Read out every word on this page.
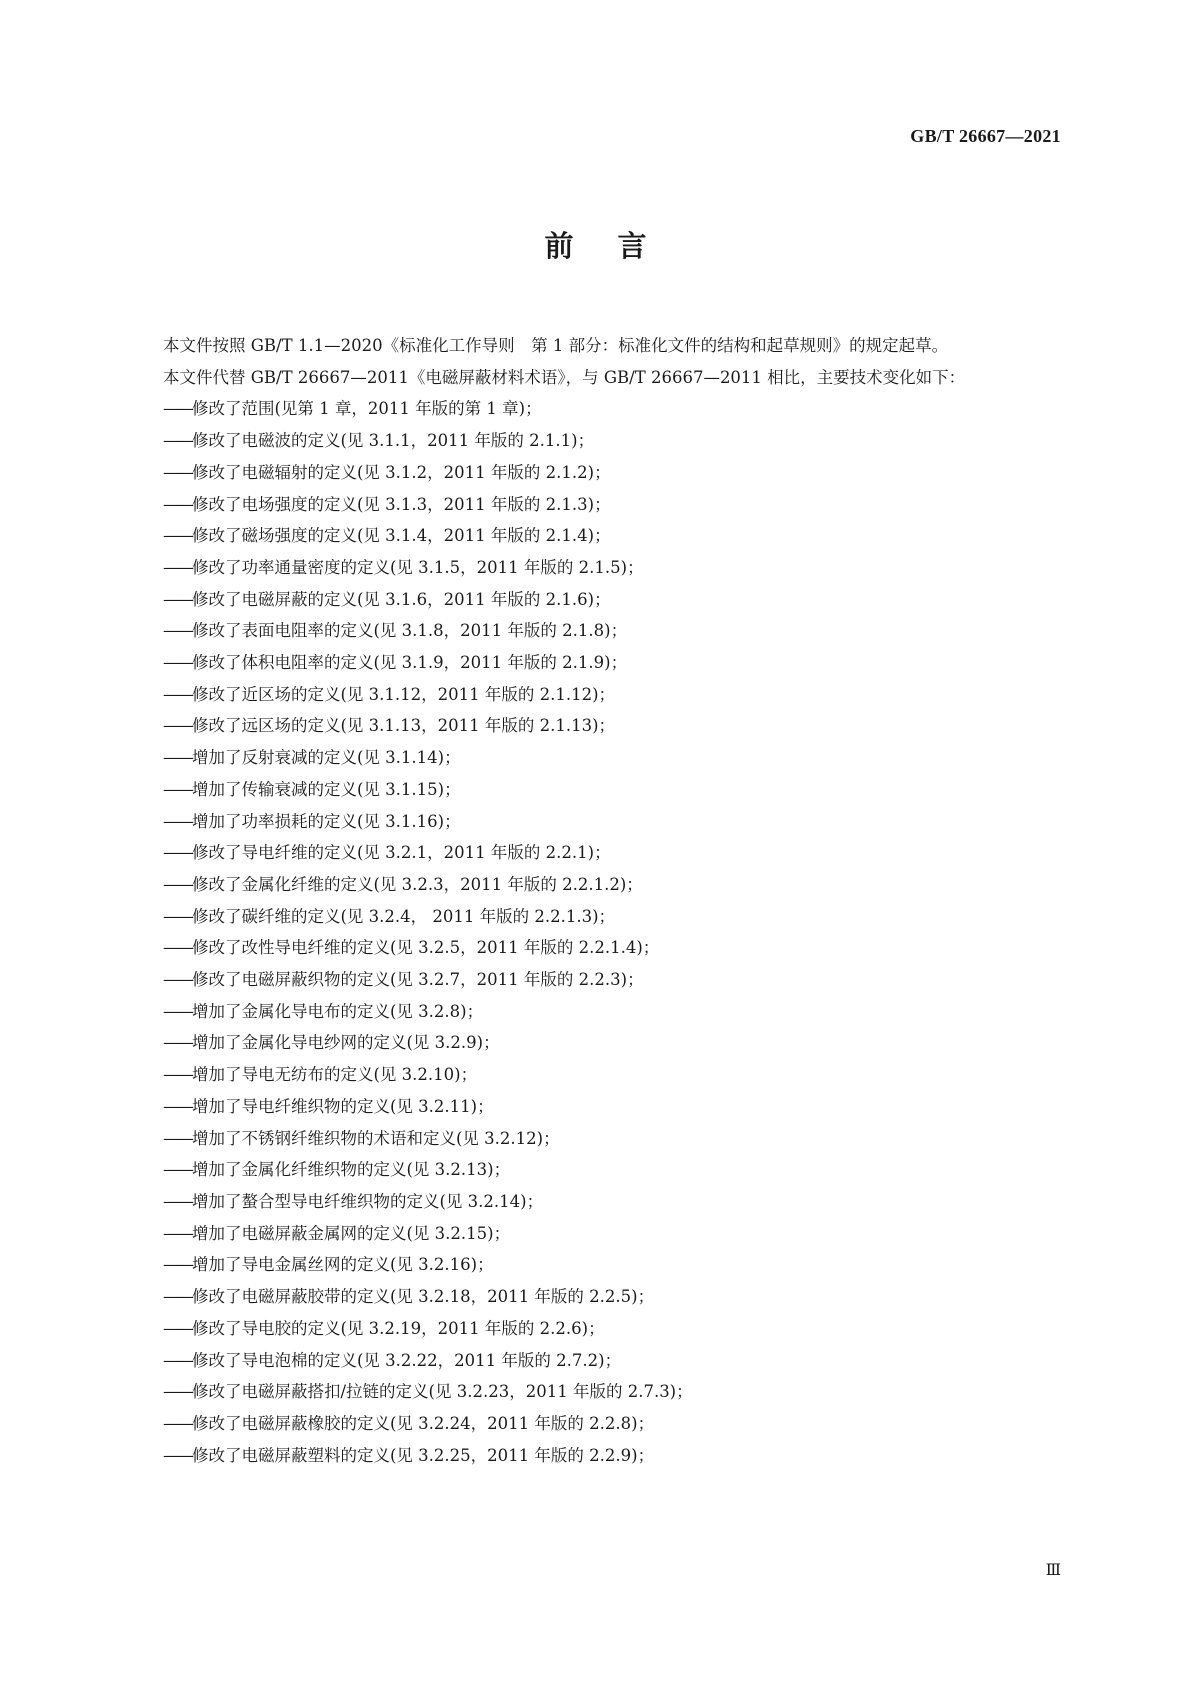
GB/T 26667—2021
前言

本文件按照 GB/T 1.1—2020《标准化工作导则　第 1 部分：标准化文件的结构和起草规则》的规定起草。

本文件代替 GB/T 26667—2011《电磁屏蔽材料术语》，与 GB/T 26667—2011 相比，主要技术变化如下：

——修改了范围(见第 1 章，2011 年版的第 1 章)；
——修改了电磁波的定义(见 3.1.1，2011 年版的 2.1.1)；
——修改了电磁辐射的定义(见 3.1.2，2011 年版的 2.1.2)；
——修改了电场强度的定义(见 3.1.3，2011 年版的 2.1.3)；
——修改了磁场强度的定义(见 3.1.4，2011 年版的 2.1.4)；
——修改了功率通量密度的定义(见 3.1.5，2011 年版的 2.1.5)；
——修改了电磁屏蔽的定义(见 3.1.6，2011 年版的 2.1.6)；
——修改了表面电阻率的定义(见 3.1.8，2011 年版的 2.1.8)；
——修改了体积电阻率的定义(见 3.1.9，2011 年版的 2.1.9)；
——修改了近区场的定义(见 3.1.12，2011 年版的 2.1.12)；
——修改了远区场的定义(见 3.1.13，2011 年版的 2.1.13)；
——增加了反射衰减的定义(见 3.1.14)；
——增加了传输衰减的定义(见 3.1.15)；
——增加了功率损耗的定义(见 3.1.16)；
——修改了导电纤维的定义(见 3.2.1，2011 年版的 2.2.1)；
——修改了金属化纤维的定义(见 3.2.3，2011 年版的 2.2.1.2)；
——修改了碳纤维的定义(见 3.2.4， 2011 年版的 2.2.1.3)；
——修改了改性导电纤维的定义(见 3.2.5，2011 年版的 2.2.1.4)；
——修改了电磁屏蔽织物的定义(见 3.2.7，2011 年版的 2.2.3)；
——增加了金属化导电布的定义(见 3.2.8)；
——增加了金属化导电纱网的定义(见 3.2.9)；
——增加了导电无纺布的定义(见 3.2.10)；
——增加了导电纤维织物的定义(见 3.2.11)；
——增加了不锈钢纤维织物的术语和定义(见 3.2.12)；
——增加了金属化纤维织物的定义(见 3.2.13)；
——增加了螯合型导电纤维织物的定义(见 3.2.14)；
——增加了电磁屏蔽金属网的定义(见 3.2.15)；
——增加了导电金属丝网的定义(见 3.2.16)；
——修改了电磁屏蔽胶带的定义(见 3.2.18，2011 年版的 2.2.5)；
——修改了导电胶的定义(见 3.2.19，2011 年版的 2.2.6)；
——修改了导电泡棉的定义(见 3.2.22，2011 年版的 2.7.2)；
——修改了电磁屏蔽搭扣/拉链的定义(见 3.2.23，2011 年版的 2.7.3)；
——修改了电磁屏蔽橡胶的定义(见 3.2.24，2011 年版的 2.2.8)；
——修改了电磁屏蔽塑料的定义(见 3.2.25，2011 年版的 2.2.9)；
Ⅲ
